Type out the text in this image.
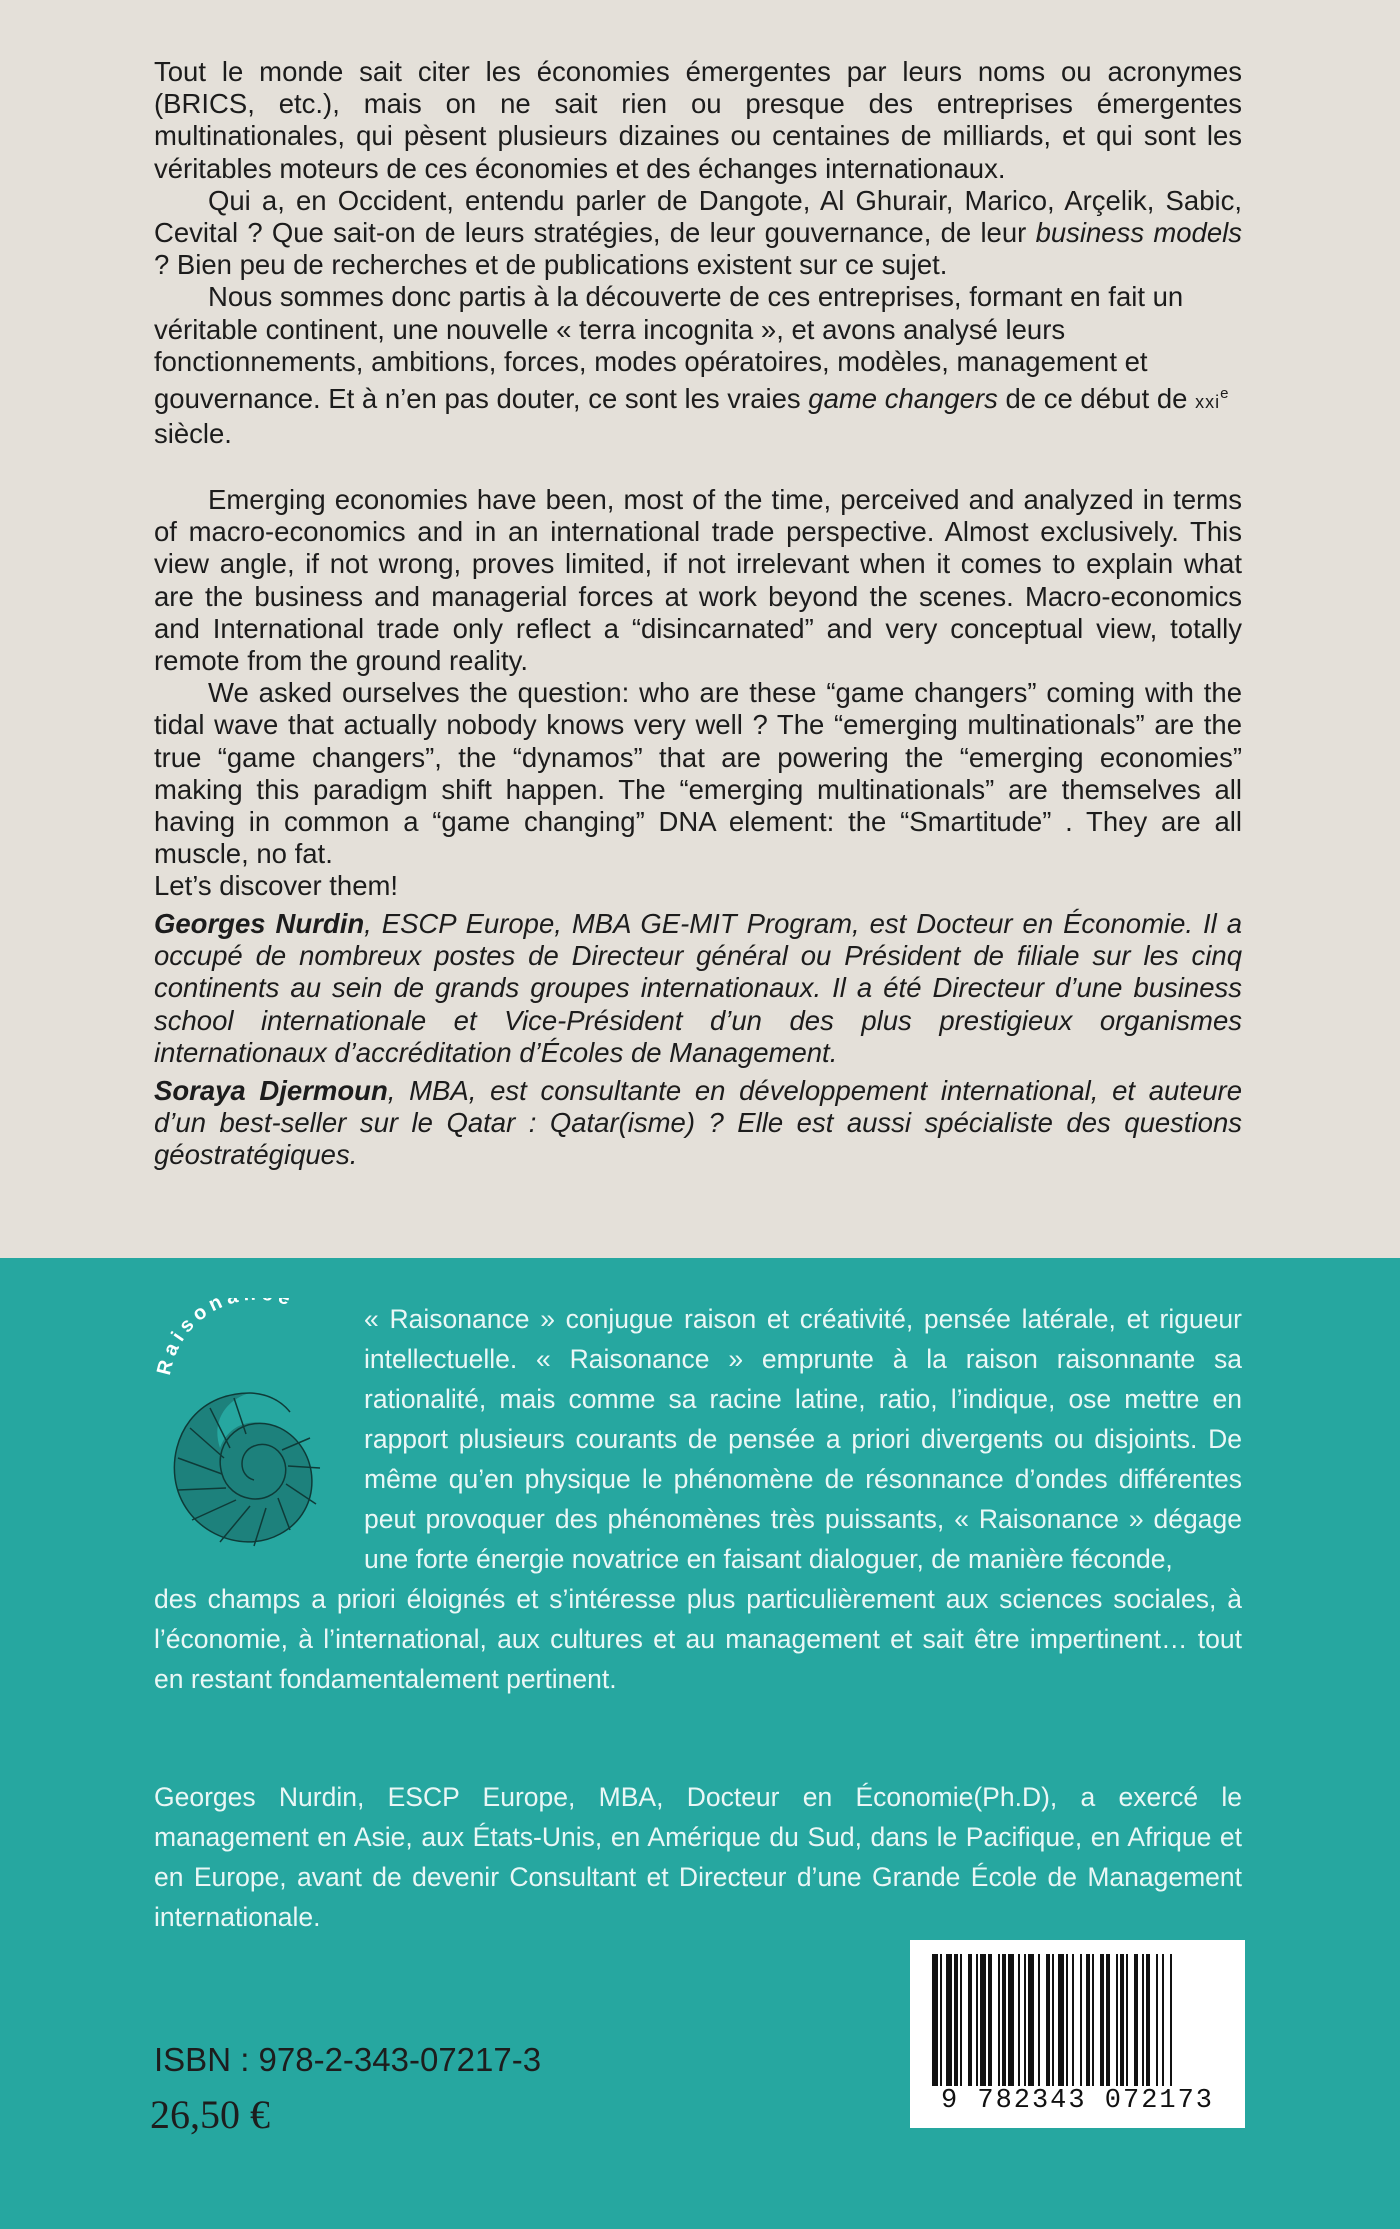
Tout le monde sait citer les économies émergentes par leurs noms ou acronymes (BRICS, etc.), mais on ne sait rien ou presque des entreprises émergentes multinationales, qui pèsent plusieurs dizaines ou centaines de milliards, et qui sont les véritables moteurs de ces économies et des échanges internationaux.

Qui a, en Occident, entendu parler de Dangote, Al Ghurair, Marico, Arçelik, Sabic, Cevital ? Que sait-on de leurs stratégies, de leur gouvernance, de leur business models ? Bien peu de recherches et de publications existent sur ce sujet.

Nous sommes donc partis à la découverte de ces entreprises, formant en fait un véritable continent, une nouvelle « terra incognita », et avons analysé leurs fonctionnements, ambitions, forces, modes opératoires, modèles, management et gouvernance. Et à n’en pas douter, ce sont les vraies game changers de ce début de xxi$^e$ siècle.

Emerging economies have been, most of the time, perceived and analyzed in terms of macro-economics and in an international trade perspective. Almost exclusively. This view angle, if not wrong, proves limited, if not irrelevant when it comes to explain what are the business and managerial forces at work beyond the scenes. Macro-economics and International trade only reflect a “disincarnated” and very conceptual view, totally remote from the ground reality.

We asked ourselves the question: who are these “game changers” coming with the tidal wave that actually nobody knows very well ? The “emerging multinationals” are the true “game changers”, the “dynamos” that are powering the “emerging economies” making this paradigm shift happen. The “emerging multinationals” are themselves all having in common a “game changing” DNA element: the “Smartitude” . They are all muscle, no fat.

Let’s discover them!

Georges Nurdin, ESCP Europe, MBA GE-MIT Program, est Docteur en Économie. Il a occupé de nombreux postes de Directeur général ou Président de filiale sur les cinq continents au sein de grands groupes internationaux. Il a été Directeur d’une business school internationale et Vice-Président d’un des plus prestigieux organismes internationaux d’accréditation d’Écoles de Management.

Soraya Djermoun, MBA, est consultante en développement international, et auteure d’un best-seller sur le Qatar : Qatar(isme) ? Elle est aussi spécialiste des questions géostratégiques.

Raison e

« Raisonance » conjugue raison et créativité, pensée latérale, et rigueur intellectuelle. « Raisonance » emprunte à la raison raisonnante sa rationalité, mais comme sa racine latine, ratio, l’indique, ose mettre en rapport plusieurs courants de pensée a priori divergents ou disjoints. De même qu’en physique le phénomène de résonnance d’ondes différentes peut provoquer des phénomènes très puissants, « Raisonance » dégage une forte énergie novatrice en faisant dialoguer, de manière féconde,

Georges Nurdin, ESCP Europe, MBA, Docteur en Économie(Ph.D), a exercé le management en Asie, aux États-Unis, en Amérique du Sud, dans le Pacifique, en Afrique et en Europe, avant de devenir Consultant et Directeur d’une Grande École de Management internationale.

ISBN : 978-2-343-07217-3
26,50 €	9 782343 072173

des champs a priori éloignés et s’intéresse plus particulièrement aux sciences sociales, à l’économie, à l’international, aux cultures et au management et sait être impertinent… tout en restant fondamentalement pertinent.
